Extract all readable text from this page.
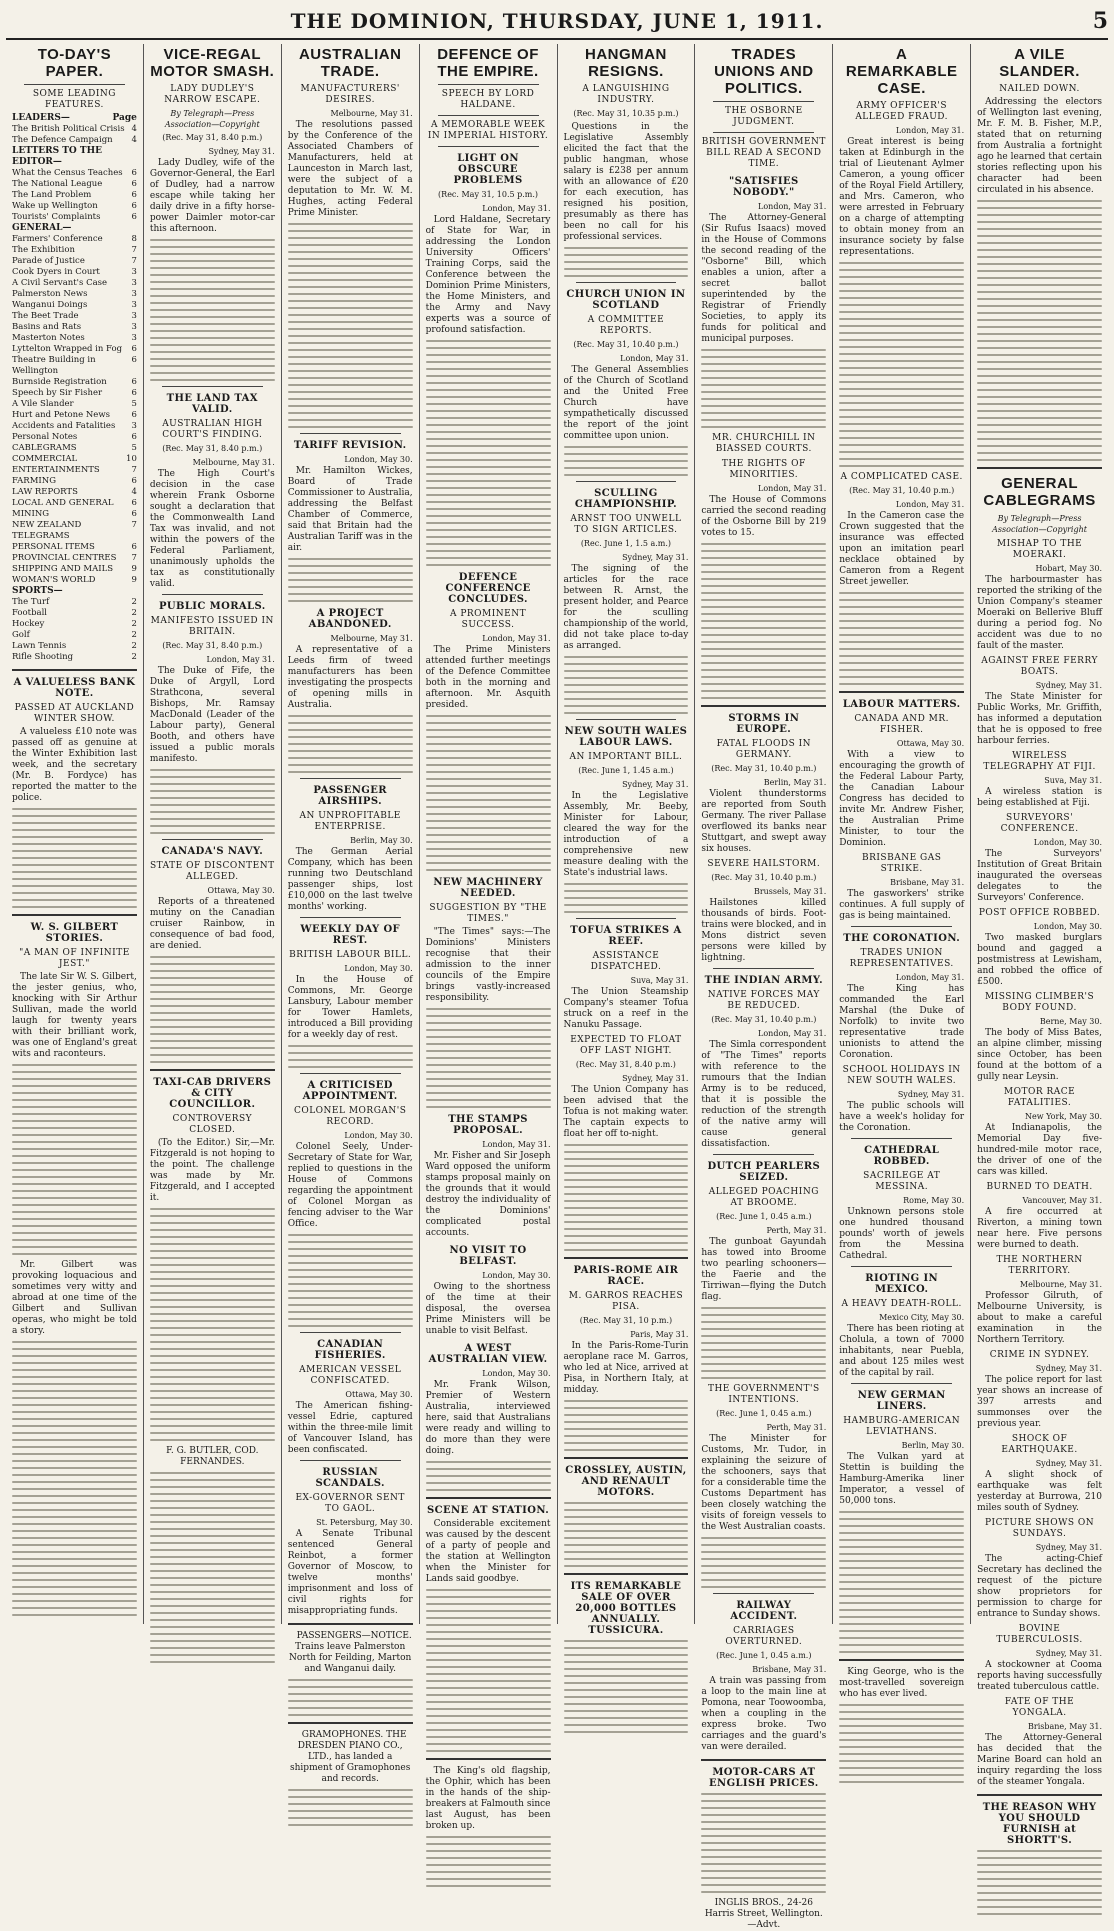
THE DOMINION, THURSDAY, JUNE 1, 1911.	5
TO-DAY'S PAPER.
SOME LEADING FEATURES.
LEADERS—	Page
The British Political Crisis 4
The Defence Campaign 4
LETTERS TO THE EDITOR—
What the Census Teaches 6
The National League	6
The Land Problem	6
Wake up Wellington	6
Tourists' Complaints	6
GENERAL—
Farmers' Conference	8
The Exhibition	7
Parade of Justice	7
Cook Dyers in Court	3
A Civil Servant's Case	3
Palmerston News	3
Wanganui Doings	3
The Beet Trade	3
Basins and Rats	3
Masterton Notes	3
Lyttelton Wrapped in Fog 6
Theatre Building in Wellington
6
Burnside Registration	6
Speech by Sir Fisher	6
A Vile Slander	5
Hurt and Petone News	6
Accidents and Fatalities 3
Personal Notes	6
CABLEGRAMS	5
COMMERCIAL	10
ENTERTAINMENTS	7
FARMING	6
LAW REPORTS	4
LOCAL AND GENERAL 6
MINING	6
NEW ZEALAND TELEGRAMS
7
PERSONAL ITEMS	6
PROVINCIAL CENTRES 7
SHIPPING AND MAILS 9
WOMAN'S WORLD	9
SPORTS—
The Turf	2
Football	2
Hockey	2
Golf	2
Lawn Tennis	2
Rifle Shooting	2
A VALUELESS BANK NOTE.
PASSED AT AUCKLAND WINTER SHOW.

A valueless £10 note was passed off as genuine at the Winter Exhibition last week, and the secretary (Mr. B. Fordyce) has reported the matter to the police.

W. S. GILBERT STORIES.
"A MAN OF INFINITE JEST."

The late Sir W. S. Gilbert, the jester genius, who, knocking with Sir Arthur Sullivan, made the world laugh for twenty years with their brilliant work, was one of England's great wits and raconteurs.

Mr. Gilbert was provoking loquacious and sometimes very witty and abroad at one time of the Gilbert and Sullivan operas, who might be told a story.

VICE-REGAL MOTOR SMASH.
LADY DUDLEY'S NARROW ESCAPE.
By Telegraph—Press Association—Copyright
(Rec. May 31, 8.40 p.m.)
Sydney, May 31.

Lady Dudley, wife of the Governor-General, the Earl of Dudley, had a narrow escape while taking her daily drive in a fifty horse-power Daimler motor-car this afternoon.

THE LAND TAX VALID.
AUSTRALIAN HIGH COURT'S FINDING.
(Rec. May 31, 8.40 p.m.)
Melbourne, May 31.

The High Court's decision in the case wherein Frank Osborne sought a declaration that the Commonwealth Land Tax was invalid, and not within the powers of the Federal Parliament, unanimously upholds the tax as constitutionally valid.

PUBLIC MORALS.
MANIFESTO ISSUED IN BRITAIN.
(Rec. May 31, 8.40 p.m.)
London, May 31.

The Duke of Fife, the Duke of Argyll, Lord Strathcona, several Bishops, Mr. Ramsay MacDonald (Leader of the Labour party), General Booth, and others have issued a public morals manifesto.

CANADA'S NAVY.
STATE OF DISCONTENT ALLEGED.
Ottawa, May 30.

Reports of a threatened mutiny on the Canadian cruiser Rainbow, in consequence of bad food, are denied.

TAXI-CAB DRIVERS & CITY COUNCILLOR.
CONTROVERSY CLOSED.

(To the Editor.) Sir,—Mr. Fitzgerald is not hoping to the point. The challenge was made by Mr. Fitzgerald, and I accepted it.

F. G. BUTLER, COD. FERNANDES.
AUSTRALIAN TRADE.
MANUFACTURERS' DESIRES.
Melbourne, May 31.

The resolutions passed by the Conference of the Associated Chambers of Manufacturers, held at Launceston in March last, were the subject of a deputation to Mr. W. M. Hughes, acting Federal Prime Minister.

TARIFF REVISION.
London, May 30.

Mr. Hamilton Wickes, Board of Trade Commissioner to Australia, addressing the Belfast Chamber of Commerce, said that Britain had the Australian Tariff was in the air.

A PROJECT ABANDONED.
Melbourne, May 31.

A representative of a Leeds firm of tweed manufacturers has been investigating the prospects of opening mills in Australia.

PASSENGER AIRSHIPS.
AN UNPROFITABLE ENTERPRISE.
Berlin, May 30.

The German Aerial Company, which has been running two Deutschland passenger ships, lost £10,000 on the last twelve months' working.

WEEKLY DAY OF REST.
BRITISH LABOUR BILL.
London, May 30.

In the House of Commons, Mr. George Lansbury, Labour member for Tower Hamlets, introduced a Bill providing for a weekly day of rest.

A CRITICISED APPOINTMENT.
COLONEL MORGAN'S RECORD.
London, May 30.

Colonel Seely, Under-Secretary of State for War, replied to questions in the House of Commons regarding the appointment of Colonel Morgan as fencing adviser to the War Office.

CANADIAN FISHERIES.
AMERICAN VESSEL CONFISCATED.
Ottawa, May 30.

The American fishing-vessel Edrie, captured within the three-mile limit of Vancouver Island, has been confiscated.

RUSSIAN SCANDALS.
EX-GOVERNOR SENT TO GAOL.
St. Petersburg, May 30.

A Senate Tribunal sentenced General Reinbot, a former Governor of Moscow, to twelve months' imprisonment and loss of civil rights for misappropriating funds.

PASSENGERS—NOTICE. Trains leave Palmerston North for Feilding, Marton and Wanganui daily.

GRAMOPHONES. THE DRESDEN PIANO CO., LTD., has landed a shipment of Gramophones and records.

DEFENCE OF THE EMPIRE.
SPEECH BY LORD HALDANE.
A MEMORABLE WEEK IN IMPERIAL HISTORY.
LIGHT ON OBSCURE PROBLEMS
(Rec. May 31, 10.5 p.m.)
London, May 31.

Lord Haldane, Secretary of State for War, in addressing the London University Officers' Training Corps, said the Conference between the Dominion Prime Ministers, the Home Ministers, and the Army and Navy experts was a source of profound satisfaction.

DEFENCE CONFERENCE CONCLUDES.
A PROMINENT SUCCESS.
London, May 31.

The Prime Ministers attended further meetings of the Defence Committee both in the morning and afternoon. Mr. Asquith presided.

NEW MACHINERY NEEDED.
SUGGESTION BY "THE TIMES."

"The Times" says:—The Dominions' Ministers recognise that their admission to the inner councils of the Empire brings vastly-increased responsibility.

THE STAMPS PROPOSAL.
London, May 31.

Mr. Fisher and Sir Joseph Ward opposed the uniform stamps proposal mainly on the grounds that it would destroy the individuality of the Dominions' complicated postal accounts.

NO VISIT TO BELFAST.
London, May 30.

Owing to the shortness of the time at their disposal, the oversea Prime Ministers will be unable to visit Belfast.

A WEST AUSTRALIAN VIEW.
London, May 30.

Mr. Frank Wilson, Premier of Western Australia, interviewed here, said that Australians were ready and willing to do more than they were doing.

SCENE AT STATION.

Considerable excitement was caused by the descent of a party of people and the station at Wellington when the Minister for Lands said goodbye.

The King's old flagship, the Ophir, which has been in the hands of the ship-breakers at Falmouth since last August, has been broken up.

HANGMAN RESIGNS.
A LANGUISHING INDUSTRY.
(Rec. May 31, 10.35 p.m.)

Questions in the Legislative Assembly elicited the fact that the public hangman, whose salary is £238 per annum with an allowance of £20 for each execution, has resigned his position, presumably as there has been no call for his professional services.

CHURCH UNION IN SCOTLAND
A COMMITTEE REPORTS.
(Rec. May 31, 10.40 p.m.)
London, May 31.

The General Assemblies of the Church of Scotland and the United Free Church have sympathetically discussed the report of the joint committee upon union.

SCULLING CHAMPIONSHIP.
ARNST TOO UNWELL TO SIGN ARTICLES.
(Rec. June 1, 1.5 a.m.)
Sydney, May 31.

The signing of the articles for the race between R. Arnst, the present holder, and Pearce for the sculling championship of the world, did not take place to-day as arranged.

NEW SOUTH WALES LABOUR LAWS.
AN IMPORTANT BILL.
(Rec. June 1, 1.45 a.m.)
Sydney, May 31.

In the Legislative Assembly, Mr. Beeby, Minister for Labour, cleared the way for the introduction of a comprehensive new measure dealing with the State's industrial laws.

TOFUA STRIKES A REEF.
ASSISTANCE DISPATCHED.
Suva, May 31.

The Union Steamship Company's steamer Tofua struck on a reef in the Nanuku Passage.

EXPECTED TO FLOAT OFF LAST NIGHT.
(Rec. May 31, 8.40 p.m.)
Sydney, May 31.

The Union Company has been advised that the Tofua is not making water. The captain expects to float her off to-night.

PARIS-ROME AIR RACE.
M. GARROS REACHES PISA.
(Rec. May 31, 10 p.m.)
Paris, May 31.

In the Paris-Rome-Turin aeroplane race M. Garros, who led at Nice, arrived at Pisa, in Northern Italy, at midday.

CROSSLEY, AUSTIN, AND RENAULT MOTORS.
ITS REMARKABLE SALE OF OVER 20,000 BOTTLES ANNUALLY. TUSSICURA.
TRADES UNIONS AND POLITICS.
THE OSBORNE JUDGMENT.
BRITISH GOVERNMENT BILL READ A SECOND TIME.
"SATISFIES NOBODY."
London, May 31.

The Attorney-General (Sir Rufus Isaacs) moved in the House of Commons the second reading of the "Osborne" Bill, which enables a union, after a secret ballot superintended by the Registrar of Friendly Societies, to apply its funds for political and municipal purposes.

MR. CHURCHILL IN BIASSED COURTS.
THE RIGHTS OF MINORITIES.
London, May 31.

The House of Commons carried the second reading of the Osborne Bill by 219 votes to 15.

STORMS IN EUROPE.
FATAL FLOODS IN GERMANY.
(Rec. May 31, 10.40 p.m.)
Berlin, May 31.

Violent thunderstorms are reported from South Germany. The river Pallase overflowed its banks near Stuttgart, and swept away six houses.

SEVERE HAILSTORM.
(Rec. May 31, 10.40 p.m.)
Brussels, May 31.

Hailstones killed thousands of birds. Foot-trains were blocked, and in Mons district seven persons were killed by lightning.

THE INDIAN ARMY.
NATIVE FORCES MAY BE REDUCED.
(Rec. May 31, 10.40 p.m.)
London, May 31.

The Simla correspondent of "The Times" reports with reference to the rumours that the Indian Army is to be reduced, that it is possible the reduction of the strength of the native army will cause general dissatisfaction.

DUTCH PEARLERS SEIZED.
ALLEGED POACHING AT BROOME.
(Rec. June 1, 0.45 a.m.)
Perth, May 31.

The gunboat Gayundah has towed into Broome two pearling schooners—the Faerie and the Tirriwan—flying the Dutch flag.

THE GOVERNMENT'S INTENTIONS.
(Rec. June 1, 0.45 a.m.)
Perth, May 31.

The Minister for Customs, Mr. Tudor, in explaining the seizure of the schooners, says that for a considerable time the Customs Department has been closely watching the visits of foreign vessels to the West Australian coasts.

RAILWAY ACCIDENT.
CARRIAGES OVERTURNED.
(Rec. June 1, 0.45 a.m.)
Brisbane, May 31.

A train was passing from a loop to the main line at Pomona, near Toowoomba, when a coupling in the express broke. Two carriages and the guard's van were derailed.

MOTOR-CARS AT ENGLISH PRICES.
INGLIS BROS., 24-26 Harris Street, Wellington.—Advt.
A REMARKABLE CASE.
ARMY OFFICER'S ALLEGED FRAUD.
London, May 31.

Great interest is being taken at Edinburgh in the trial of Lieutenant Aylmer Cameron, a young officer of the Royal Field Artillery, and Mrs. Cameron, who were arrested in February on a charge of attempting to obtain money from an insurance society by false representations.

A COMPLICATED CASE.
(Rec. May 31, 10.40 p.m.)
London, May 31.

In the Cameron case the Crown suggested that the insurance was effected upon an imitation pearl necklace obtained by Cameron from a Regent Street jeweller.

LABOUR MATTERS.
CANADA AND MR. FISHER.
Ottawa, May 30.

With a view to encouraging the growth of the Federal Labour Party, the Canadian Labour Congress has decided to invite Mr. Andrew Fisher, the Australian Prime Minister, to tour the Dominion.

BRISBANE GAS STRIKE.
Brisbane, May 31.

The gasworkers' strike continues. A full supply of gas is being maintained.

THE CORONATION.
TRADES UNION REPRESENTATIVES.
London, May 31.

The King has commanded the Earl Marshal (the Duke of Norfolk) to invite two representative trade unionists to attend the Coronation.

SCHOOL HOLIDAYS IN NEW SOUTH WALES.
Sydney, May 31.

The public schools will have a week's holiday for the Coronation.

CATHEDRAL ROBBED.
SACRILEGE AT MESSINA.
Rome, May 30.

Unknown persons stole one hundred thousand pounds' worth of jewels from the Messina Cathedral.

RIOTING IN MEXICO.
A HEAVY DEATH-ROLL.
Mexico City, May 30.

There has been rioting at Cholula, a town of 7000 inhabitants, near Puebla, and about 125 miles west of the capital by rail.

NEW GERMAN LINERS.
HAMBURG-AMERICAN LEVIATHANS.
Berlin, May 30.

The Vulkan yard at Stettin is building the Hamburg-Amerika liner Imperator, a vessel of 50,000 tons.

King George, who is the most-travelled sovereign who has ever lived.

A VILE SLANDER.
NAILED DOWN.

Addressing the electors of Wellington last evening, Mr. F. M. B. Fisher, M.P., stated that on returning from Australia a fortnight ago he learned that certain stories reflecting upon his character had been circulated in his absence.

GENERAL CABLEGRAMS
By Telegraph—Press Association—Copyright
MISHAP TO THE MOERAKI.
Hobart, May 30.

The harbourmaster has reported the striking of the Union Company's steamer Moeraki on Bellerive Bluff during a period fog. No accident was due to no fault of the master.

AGAINST FREE FERRY BOATS.
Sydney, May 31.

The State Minister for Public Works, Mr. Griffith, has informed a deputation that he is opposed to free harbour ferries.

WIRELESS TELEGRAPHY AT FIJI.
Suva, May 31.

A wireless station is being established at Fiji.

SURVEYORS' CONFERENCE.
London, May 30.

The Surveyors' Institution of Great Britain inaugurated the overseas delegates to the Surveyors' Conference.

POST OFFICE ROBBED.
London, May 30.

Two masked burglars bound and gagged a postmistress at Lewisham, and robbed the office of £500.

MISSING CLIMBER'S BODY FOUND.
Berne, May 30.

The body of Miss Bates, an alpine climber, missing since October, has been found at the bottom of a gully near Leysin.

MOTOR RACE FATALITIES.
New York, May 30.

At Indianapolis, the Memorial Day five-hundred-mile motor race, the driver of one of the cars was killed.

BURNED TO DEATH.
Vancouver, May 31.

A fire occurred at Riverton, a mining town near here. Five persons were burned to death.

THE NORTHERN TERRITORY.
Melbourne, May 31.

Professor Gilruth, of Melbourne University, is about to make a careful examination in the Northern Territory.

CRIME IN SYDNEY.
Sydney, May 31.

The police report for last year shows an increase of 397 arrests and summonses over the previous year.

SHOCK OF EARTHQUAKE.
Sydney, May 31.

A slight shock of earthquake was felt yesterday at Burrowa, 210 miles south of Sydney.

PICTURE SHOWS ON SUNDAYS.
Sydney, May 31.

The acting-Chief Secretary has declined the request of the picture show proprietors for permission to charge for entrance to Sunday shows.

BOVINE TUBERCULOSIS.
Sydney, May 31.

A stockowner at Cooma reports having successfully treated tuberculous cattle.

FATE OF THE YONGALA.
Brisbane, May 31.

The Attorney-General has decided that the Marine Board can hold an inquiry regarding the loss of the steamer Yongala.

THE REASON WHY YOU SHOULD FURNISH at SHORTT'S.
